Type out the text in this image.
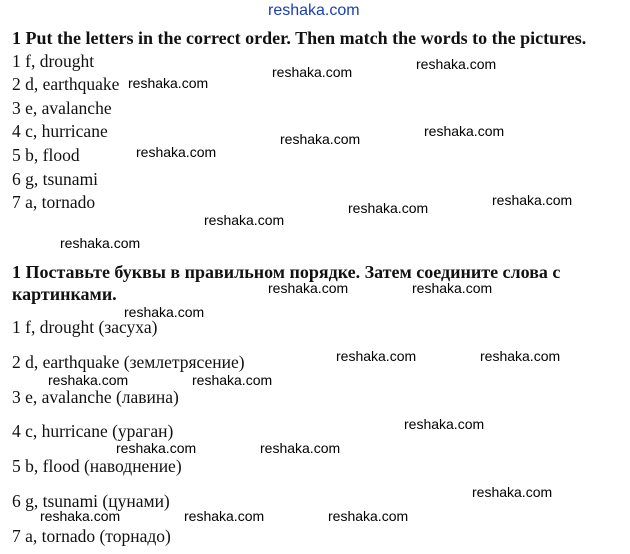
reshaka.com
1 Put the letters in the correct order. Then match the words to the pictures.
1 f, drought
2 d, earthquake
3 e, avalanche
4 c, hurricane
5 b, flood
6 g, tsunami
7 a, tornado
1 Поставьте буквы в правильном порядке. Затем соедините слова с
картинками.
1 f, drought (засуха)
2 d, earthquake (землетрясение)
3 e, avalanche (лавина)
4 c, hurricane (ураган)
5 b, flood (наводнение)
6 g, tsunami (цунами)
7 a, tornado (торнадо)
reshaka.com
reshaka.com	reshaka.com
reshaka.com	reshaka.com
reshaka.com
reshaka.com	reshaka.com
reshaka.com
reshaka.com
reshaka.com	reshaka.com
reshaka.com
reshaka.com	reshaka.com
reshaka.com	reshaka.com
reshaka.com
reshaka.com	reshaka.com
reshaka.com
reshaka.com	reshaka.com	reshaka.com
